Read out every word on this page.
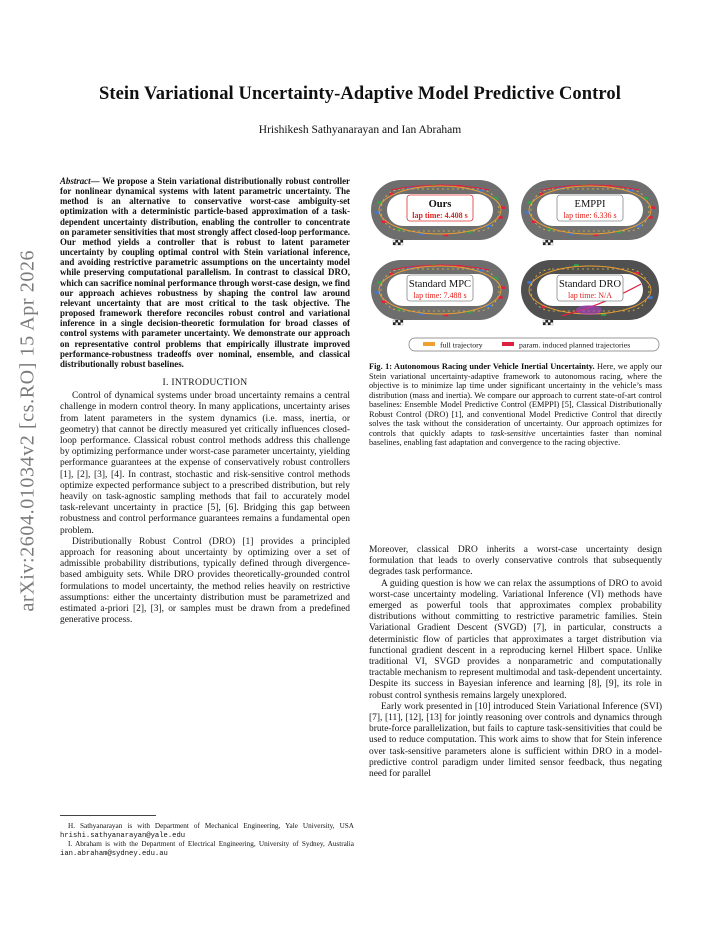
Stein Variational Uncertainty-Adaptive Model Predictive Control
Hrishikesh Sathyanarayan and Ian Abraham
arXiv:2604.01034v2 [cs.RO] 15 Apr 2026

Abstract— We propose a Stein variational distributionally robust controller for nonlinear dynamical systems with latent parametric uncertainty. The method is an alternative to conservative worst-case ambiguity-set optimization with a deterministic particle-based approximation of a task-dependent uncertainty distribution, enabling the controller to concentrate on parameter sensitivities that most strongly affect closed-loop performance. Our method yields a controller that is robust to latent parameter uncertainty by coupling optimal control with Stein variational inference, and avoiding restrictive parametric assumptions on the uncertainty model while preserving computational parallelism. In contrast to classical DRO, which can sacrifice nominal performance through worst-case design, we find our approach achieves robustness by shaping the control law around relevant uncertainty that are most critical to the task objective. The proposed framework therefore reconciles robust control and variational inference in a single decision-theoretic formulation for broad classes of control systems with parameter uncertainty. We demonstrate our approach on representative control problems that empirically illustrate improved performance-robustness tradeoffs over nominal, ensemble, and classical distributionally robust baselines.

I. INTRODUCTION

Control of dynamical systems under broad uncertainty remains a central challenge in modern control theory. In many applications, uncertainty arises from latent parameters in the system dynamics (i.e. mass, inertia, or geometry) that cannot be directly measured yet critically influences closed-loop performance. Classical robust control methods address this challenge by optimizing performance under worst-case parameter uncertainty, yielding performance guarantees at the expense of conservatively robust controllers [1], [2], [3], [4]. In contrast, stochastic and risk-sensitive control methods optimize expected performance subject to a prescribed distribution, but rely heavily on task-agnostic sampling methods that fail to accurately model task-relevant uncertainty in practice [5], [6]. Bridging this gap between robustness and control performance guarantees remains a fundamental open problem.

Distributionally Robust Control (DRO) [1] provides a principled approach for reasoning about uncertainty by optimizing over a set of admissible probability distributions, typically defined through divergence-based ambiguity sets. While DRO provides theoretically-grounded control formulations to model uncertainty, the method relies heavily on restrictive assumptions: either the uncertainty distribution must be parametrized and estimated a-priori [2], [3], or samples must be drawn from a predefined generative process.

H. Sathyanarayan is with Department of Mechanical Engineering, Yale University, USA hrishi.sathyanarayan@yale.edu

I. Abraham is with the Department of Electrical Engineering, University of Sydney, Australia ian.abraham@sydney.edu.au

Ours
lap time: 4.408 s
EMPPI
lap time: 6.336 s
Standard MPC
lap time: 7.488 s
Standard DRO
lap time: N/A
full trajectory	param. induced planned trajectories
Fig. 1: Autonomous Racing under Vehicle Inertial Uncertainty. Here, we apply our Stein variational uncertainty-adaptive framework to autonomous racing, where the objective is to minimize lap time under significant uncertainty in the vehicle’s mass distribution (mass and inertia). We compare our approach to current state-of-art control baselines: Ensemble Model Predictive Control (EMPPI) [5], Classical Distributionally Robust Control (DRO) [1], and conventional Model Predictive Control that directly solves the task without the consideration of uncertainty. Our approach optimizes for controls that quickly adapts to task-sensitive uncertainties faster than nominal baselines, enabling fast adaptation and convergence to the racing objective.

Moreover, classical DRO inherits a worst-case uncertainty design formulation that leads to overly conservative controls that subsequently degrades task performance.

A guiding question is how we can relax the assumptions of DRO to avoid worst-case uncertainty modeling. Variational Inference (VI) methods have emerged as powerful tools that approximates complex probability distributions without committing to restrictive parametric families. Stein Variational Gradient Descent (SVGD) [7], in particular, constructs a deterministic flow of particles that approximates a target distribution via functional gradient descent in a reproducing kernel Hilbert space. Unlike traditional VI, SVGD provides a nonparametric and computationally tractable mechanism to represent multimodal and task-dependent uncertainty. Despite its success in Bayesian inference and learning [8], [9], its role in robust control synthesis remains largely unexplored.

Early work presented in [10] introduced Stein Variational Inference (SVI) [7], [11], [12], [13] for jointly reasoning over controls and dynamics through brute-force parallelization, but fails to capture task-sensitivities that could be used to reduce computation. This work aims to show that for Stein inference over task-sensitive parameters alone is sufficient within DRO in a model-predictive control paradigm under limited sensor feedback, thus negating need for parallel
